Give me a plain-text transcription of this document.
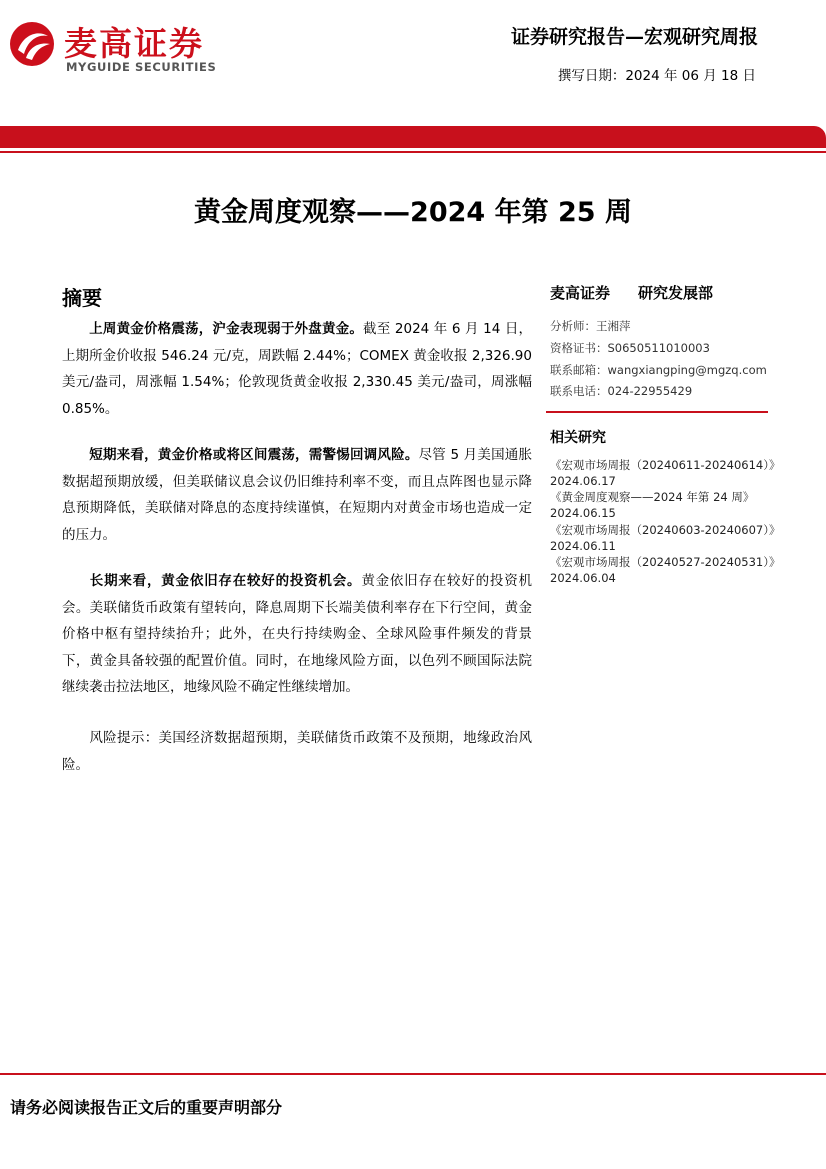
麦高证券
MYGUIDE SECURITIES
证券研究报告—宏观研究周报
撰写日期：2024 年 06 月 18 日
黄金周度观察——2024 年第 25 周
摘要
上周黄金价格震荡，沪金表现弱于外盘黄金。截至 2024 年 6 月 14 日，上期所金价收报 546.24 元/克，周跌幅 2.44%；COMEX 黄金收报 2,326.90 美元/盎司，周涨幅 1.54%；伦敦现货黄金收报 2,330.45 美元/盎司，周涨幅 0.85%。
短期来看，黄金价格或将区间震荡，需警惕回调风险。尽管 5 月美国通胀数据超预期放缓，但美联储议息会议仍旧维持利率不变，而且点阵图也显示降息预期降低，美联储对降息的态度持续谨慎，在短期内对黄金市场也造成一定的压力。
长期来看，黄金依旧存在较好的投资机会。黄金依旧存在较好的投资机会。美联储货币政策有望转向，降息周期下长端美债利率存在下行空间，黄金价格中枢有望持续抬升；此外，在央行持续购金、全球风险事件频发的背景下，黄金具备较强的配置价值。同时，在地缘风险方面，以色列不顾国际法院继续袭击拉法地区，地缘风险不确定性继续增加。
风险提示：美国经济数据超预期，美联储货币政策不及预期，地缘政治风险。
麦高证券 研究发展部
分析师：王湘萍
资格证书：S0650511010003
联系邮箱：wangxiangping@mgzq.com
联系电话：024-22955429
相关研究
《宏观市场周报（20240611-20240614）》
2024.06.17
《黄金周度观察——2024 年第 24 周》
2024.06.15
《宏观市场周报（20240603-20240607）》
2024.06.11
《宏观市场周报（20240527-20240531）》
2024.06.04
请务必阅读报告正文后的重要声明部分
